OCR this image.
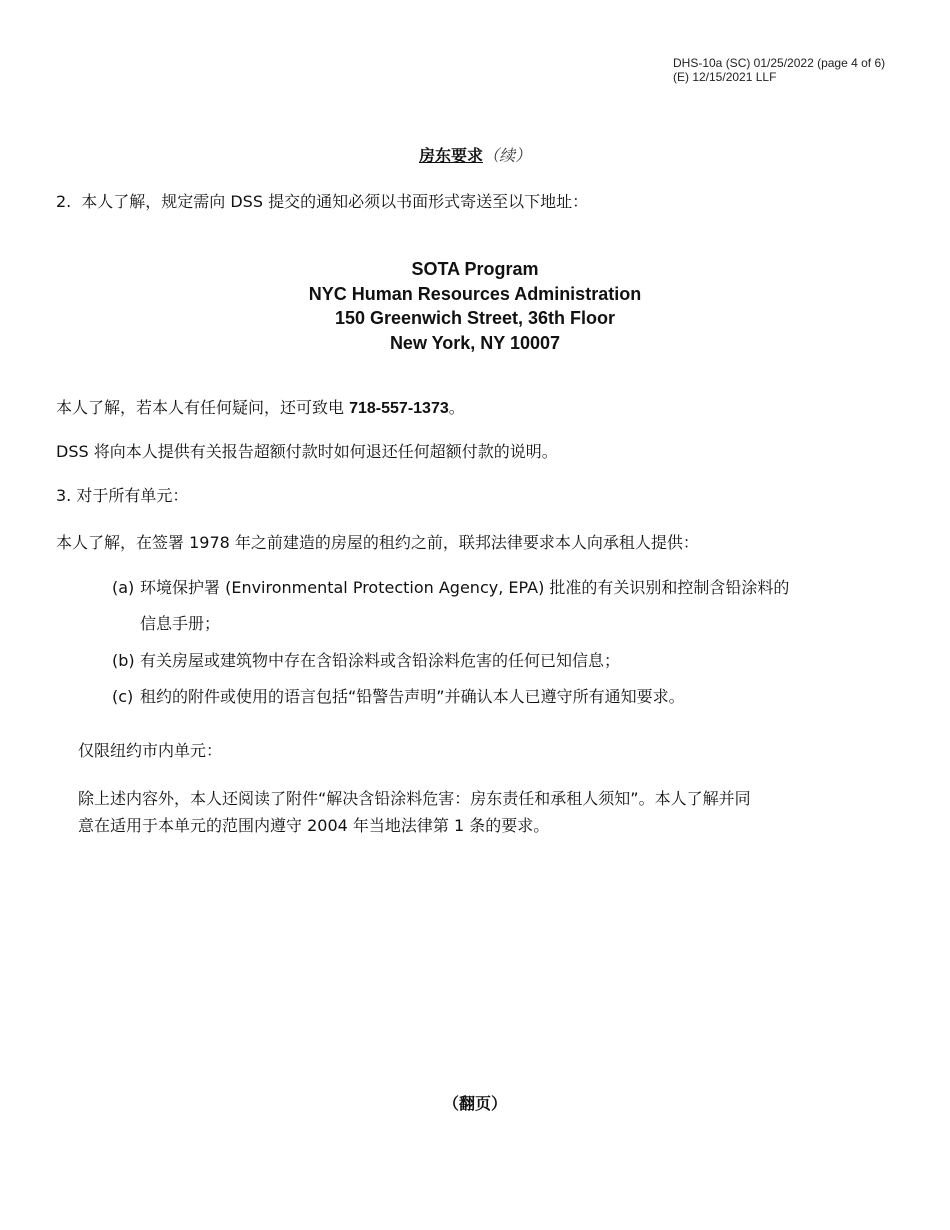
DHS-10a (SC) 01/25/2022 (page 4 of 6)
(E) 12/15/2021 LLF
房东要求（续）
2. 本人了解，规定需向 DSS 提交的通知必须以书面形式寄送至以下地址：
SOTA Program
NYC Human Resources Administration
150 Greenwich Street, 36th Floor
New York, NY 10007
本人了解，若本人有任何疑问，还可致电 718-557-1373。
DSS 将向本人提供有关报告超额付款时如何退还任何超额付款的说明。
3. 对于所有单元：
本人了解，在签署 1978 年之前建造的房屋的租约之前，联邦法律要求本人向承租人提供：
(a) 环境保护署 (Environmental Protection Agency, EPA) 批准的有关识别和控制含铅涂料的
信息手册；
(b) 有关房屋或建筑物中存在含铅涂料或含铅涂料危害的任何已知信息；
(c) 租约的附件或使用的语言包括“铅警告声明”并确认本人已遵守所有通知要求。
仅限纽约市内单元：
除上述内容外，本人还阅读了附件“解决含铅涂料危害：房东责任和承租人须知”。本人了解并同
意在适用于本单元的范围内遵守 2004 年当地法律第 1 条的要求。
（翻页）
